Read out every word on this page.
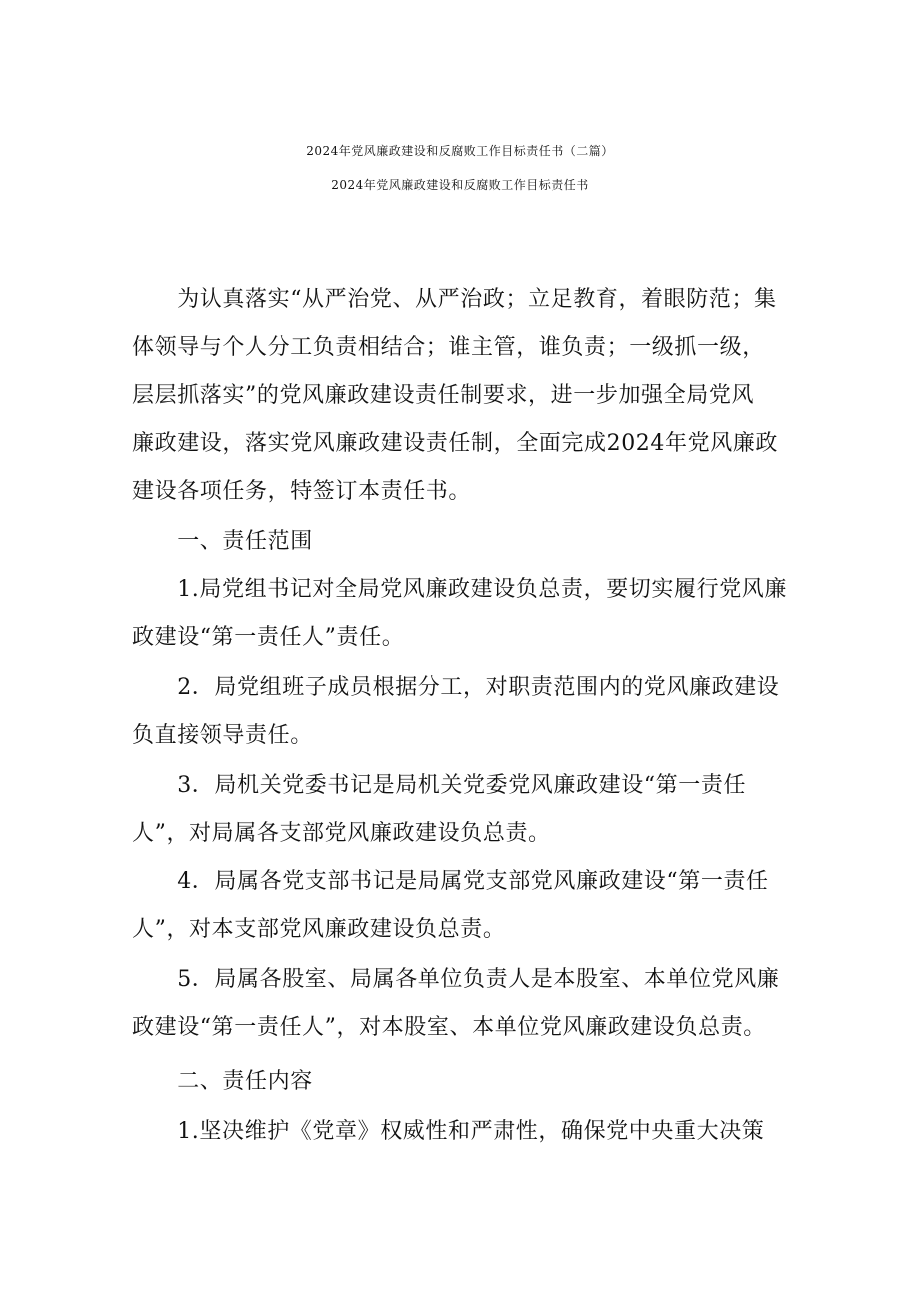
2024年党风廉政建设和反腐败工作目标责任书（二篇）
2024年党风廉政建设和反腐败工作目标责任书
　　为认真落实“从严治党、从严治政；立足教育，着眼防范；集
体领导与个人分工负责相结合；谁主管，谁负责；一级抓一级，
层层抓落实”的党风廉政建设责任制要求，进一步加强全局党风
廉政建设，落实党风廉政建设责任制，全面完成2024年党风廉政
建设各项任务，特签订本责任书。
　　一、责任范围
　　1.局党组书记对全局党风廉政建设负总责，要切实履行党风廉
政建设“第一责任人”责任。
　　2．局党组班子成员根据分工，对职责范围内的党风廉政建设
负直接领导责任。
　　3．局机关党委书记是局机关党委党风廉政建设“第一责任
人”，对局属各支部党风廉政建设负总责。
　　4．局属各党支部书记是局属党支部党风廉政建设“第一责任
人”，对本支部党风廉政建设负总责。
　　5．局属各股室、局属各单位负责人是本股室、本单位党风廉
政建设“第一责任人”，对本股室、本单位党风廉政建设负总责。
　　二、责任内容
　　1.坚决维护《党章》权威性和严肃性，确保党中央重大决策
